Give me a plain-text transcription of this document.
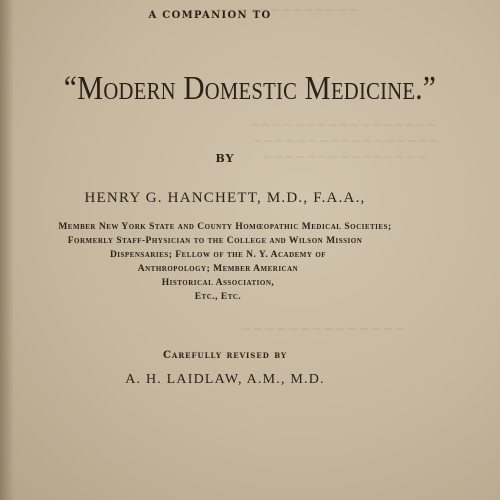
~~~~~~~~~~~~~
~~~~~~~~~~~~~~~~~
~~~~~~~~~~~~~~~~~
~~~~~~~~~~~~~~~
~~~~~~~~~~~~~~
A COMPANION TO
“Modern Domestic Medicine.”
BY
HENRY G. HANCHETT, M.D., F.A.A.,
Member New York State and County Homœopathic Medical Societies;
Formerly Staff-Physician to the College and Wilson Mission
Dispensaries; Fellow of the N. Y. Academy of
Anthropology; Member American
Historical Association,
Etc., Etc.
Carefully revised by
A. H. LAIDLAW, A.M., M.D.
